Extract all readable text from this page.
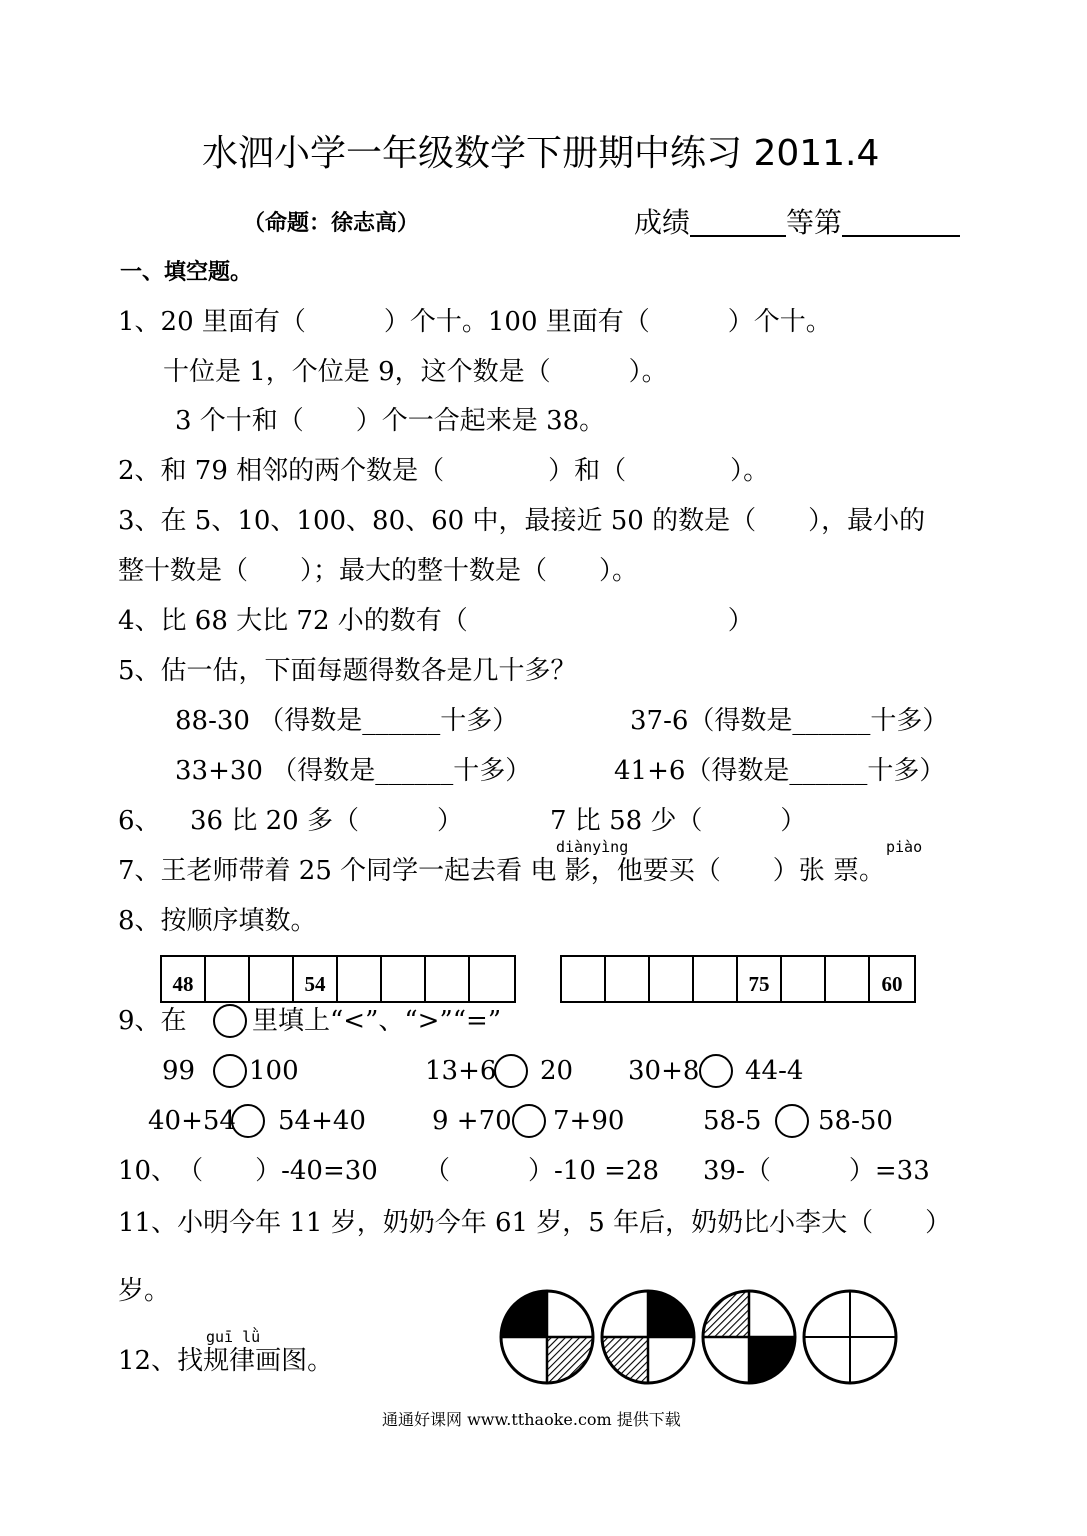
水泗小学一年级数学下册期中练习 2011.4
（命题：徐志高）	成绩	等第
一、填空题。
1、20 里面有（　　　）个十。100 里面有（　　　）个十。
十位是 1，个位是 9，这个数是（　　　）。
3 个十和（　　）个一合起来是 38。
2、和 79 相邻的两个数是（　　　　）和（　　　　）。
3、在 5、10、100、80、60 中，最接近 50 的数是（　　），最小的
整十数是（　　）；最大的整十数是（　　）。
4、比 68 大比 72 小的数有（　　　　　　　　　　）
5、估一估，下面每题得数各是几十多？
88-30 （得数是______十多）	37-6（得数是______十多）
33+30 （得数是______十多）	41+6（得数是______十多）
6、 36 比 20 多（　　　）	7 比 58 少（　　　）
diànyìng	piào
7、王老师带着 25 个同学一起去看 电 影，他要买（　　）张 票。
8、按顺序填数。
48	54	75	60
9、在	里填上“<”、“>”“=”
99 100	13+6 20 30+8 44-4
40+54 54+40	9 +70 7+90	58-5 58-50
10、　（　　）-40=30 （　　　）-10 =28 39-（　　　）=33
11、小明今年 11 岁，奶奶今年 61 岁，5 年后，奶奶比小李大（　　）
岁。
guī lǜ
12、找规律画图。
通通好课网 www.tthaoke.com 提供下载
